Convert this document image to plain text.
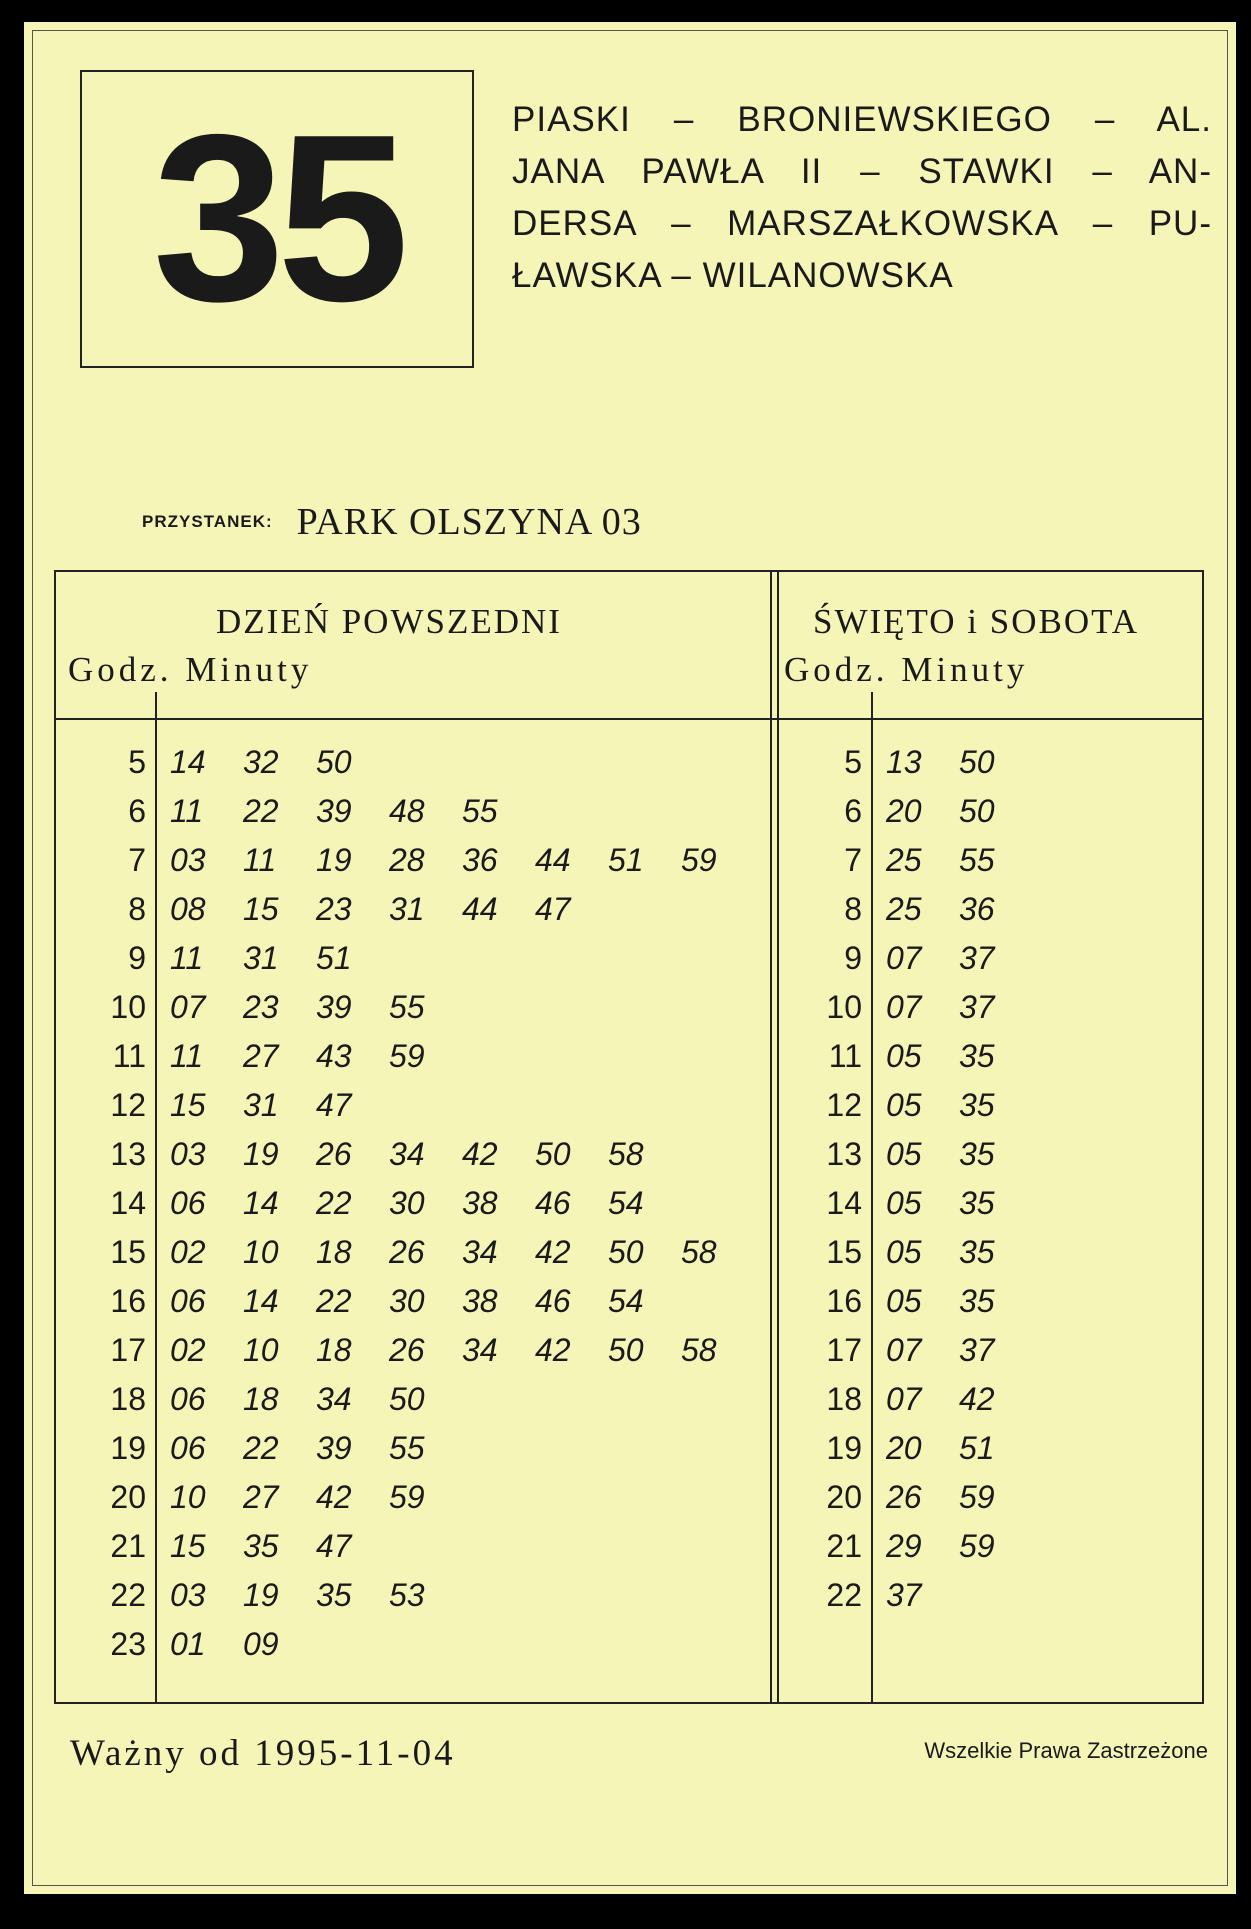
35	PIASKI – BRONIEWSKIEGO – AL.
JANA PAWŁA II – STAWKI – AN-
DERSA – MARSZAŁKOWSKA – PU-
ŁAWSKA – WILANOWSKA
PRZYSTANEK: PARK OLSZYNA 03
DZIEŃ POWSZEDNI
Godz. Minuty
ŚWIĘTO i SOBOTA
Godz. Minuty
5 14 32 50
6 11 22 39 48 55
7 03 11 19 28 36 44 51 59
8 08 15 23 31 44 47
9 11 31 51
10 07 23 39 55
11 11 27 43 59
12 15 31 47
13 03 19 26 34 42 50 58
14 06 14 22 30 38 46 54
15 02 10 18 26 34 42 50 58
16 06 14 22 30 38 46 54
17 02 10 18 26 34 42 50 58
18 06 18 34 50
19 06 22 39 55
20 10 27 42 59
21 15 35 47
22 03 19 35 53
23 01 09
5 13 50
6 20 50
7 25 55
8 25 36
9 07 37
10 07 37
11 05 35
12 05 35
13 05 35
14 05 35
15 05 35
16 05 35
17 07 37
18 07 42
19 20 51
20 26 59
21 29 59
22 37
Ważny od 1995-11-04	Wszelkie Prawa Zastrzeżone
